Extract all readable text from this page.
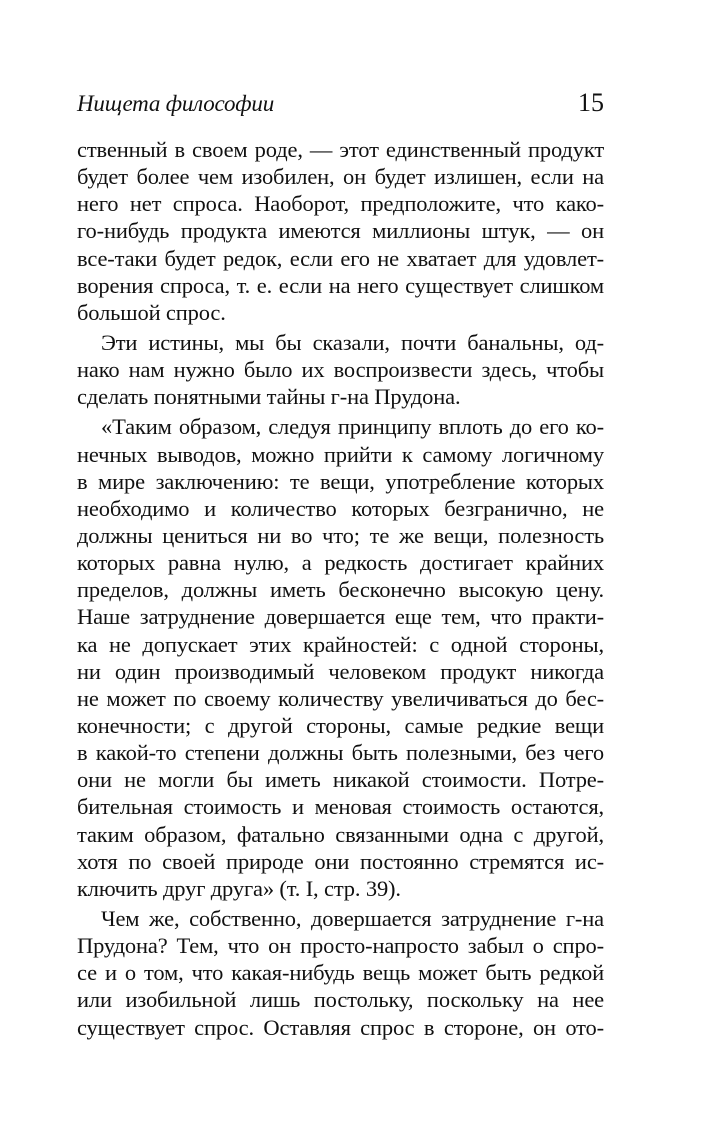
Нищета философии	15
ственный в своем роде, — этот единственный продукт
будет более чем изобилен, он будет излишен, если на
него нет спроса. Наоборот, предположите, что како-
го-нибудь продукта имеются миллионы штук, — он
все-таки будет редок, если его не хватает для удовлет-
ворения спроса, т. е. если на него существует слишком
большой спрос.
Эти истины, мы бы сказали, почти банальны, од-
нако нам нужно было их воспроизвести здесь, чтобы
сделать понятными тайны г-на Прудона.
«Таким образом, следуя принципу вплоть до его ко-
нечных выводов, можно прийти к самому логичному
в мире заключению: те вещи, употребление которых
необходимо и количество которых безгранично, не
должны цениться ни во что; те же вещи, полезность
которых равна нулю, а редкость достигает крайних
пределов, должны иметь бесконечно высокую цену.
Наше затруднение довершается еще тем, что практи-
ка не допускает этих крайностей: с одной стороны,
ни один производимый человеком продукт никогда
не может по своему количеству увеличиваться до бес-
конечности; с другой стороны, самые редкие вещи
в какой-то степени должны быть полезными, без чего
они не могли бы иметь никакой стоимости. Потре-
бительная стоимость и меновая стоимость остаются,
таким образом, фатально связанными одна с другой,
хотя по своей природе они постоянно стремятся ис-
ключить друг друга» (т. I, стр. 39).
Чем же, собственно, довершается затруднение г-на
Прудона? Тем, что он просто-напросто забыл о спро-
се и о том, что какая-нибудь вещь может быть редкой
или изобильной лишь постольку, поскольку на нее
существует спрос. Оставляя спрос в стороне, он ото-
